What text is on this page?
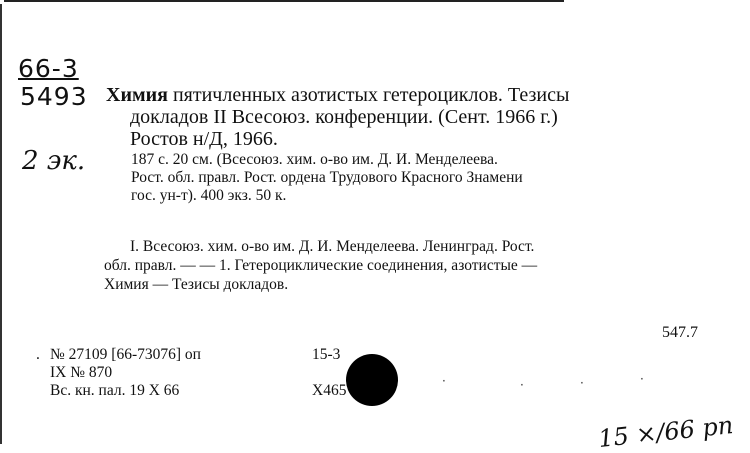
66-3
5493
2 эк.
Химия пятичленных азотистых гетероциклов. Тезисы
докладов II Всесоюз. конференции. (Сент. 1966 г.)
Ростов н/Д, 1966.
187 с. 20 см. (Всесоюз. хим. о-во им. Д. И. Менделеева.
Рост. обл. правл. Рост. ордена Трудового Красного Знамени
гос. ун-т). 400 экз. 50 к.
I. Всесоюз. хим. о-во им. Д. И. Менделеева. Ленинград. Рост.
обл. правл. — — 1. Гетероциклические соединения, азотистые —
Химия — Тезисы докладов.
547.7
. № 27109 [66-73076] оп	15-3
IX № 870
Вс. кн. пал. 19 X 66	Х465
·	·	·	·
15 ×/66 рп
